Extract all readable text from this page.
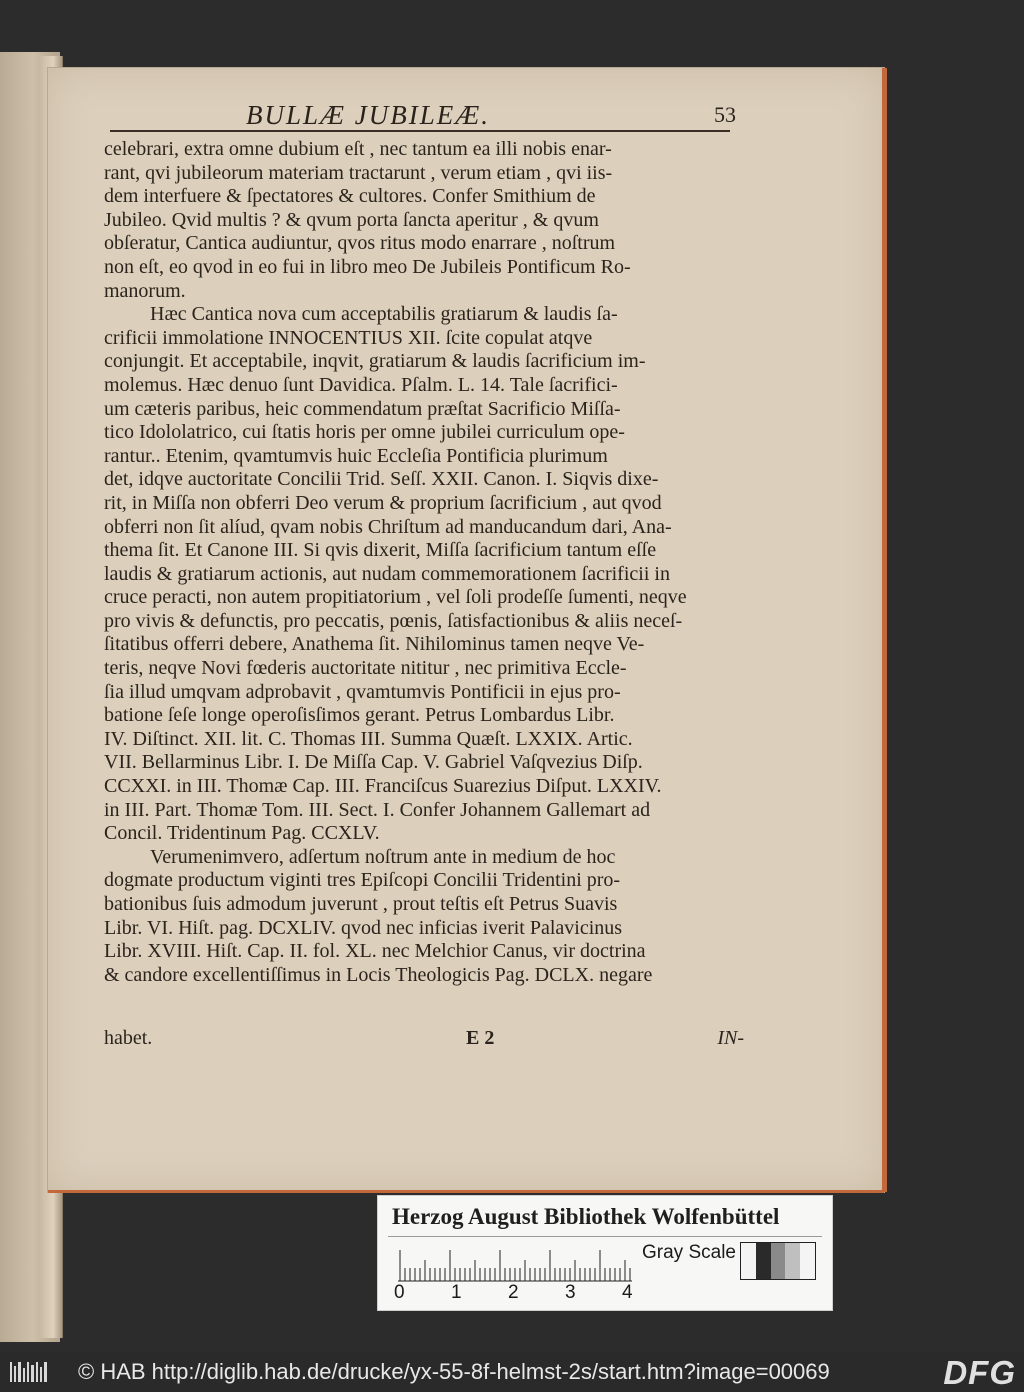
BULLÆ JUBILEÆ.	53
celebrari, extra omne dubium eſt , nec tantum ea illi nobis enar-
rant, qvi jubileorum materiam tractarunt , verum etiam , qvi iis-
dem interfuere & ſpectatores & cultores. Confer Smithium de
Jubileo. Qvid multis ? & qvum porta ſancta aperitur , & qvum
obſeratur, Cantica audiuntur, qvos ritus modo enarrare , noſtrum
non eſt, eo qvod in eo fui in libro meo De Jubileis Pontificum Ro-
manorum.
Hæc Cantica nova cum acceptabilis gratiarum & laudis ſa-
crificii immolatione INNOCENTIUS XII. ſcite copulat atqve
conjungit. Et acceptabile, inqvit, gratiarum & laudis ſacrificium im-
molemus. Hæc denuo ſunt Davidica. Pſalm. L. 14. Tale ſacrifici-
um cæteris paribus, heic commendatum præſtat Sacrificio Miſſa-
tico Idololatrico, cui ſtatis horis per omne jubilei curriculum ope-
rantur.. Etenim, qvamtumvis huic Eccleſia Pontificia plurimum
det, idqve auctoritate Concilii Trid. Seſſ. XXII. Canon. I. Siqvis dixe-
rit, in Miſſa non obferri Deo verum & proprium ſacrificium , aut qvod
obferri non ſit alíud, qvam nobis Chriſtum ad manducandum dari, Ana-
thema ſit. Et Canone III. Si qvis dixerit, Miſſa ſacrificium tantum eſſe
laudis & gratiarum actionis, aut nudam commemorationem ſacrificii in
cruce peracti, non autem propitiatorium , vel ſoli prodeſſe ſumenti, neqve
pro vivis & defunctis, pro peccatis, pœnis, ſatisfactionibus & aliis neceſ-
ſitatibus offerri debere, Anathema ſit. Nihilominus tamen neqve Ve-
teris, neqve Novi fœderis auctoritate nititur , nec primitiva Eccle-
ſia illud umqvam adprobavit , qvamtumvis Pontificii in ejus pro-
batione ſeſe longe operoſisſimos gerant. Petrus Lombardus Libr.
IV. Diſtinct. XII. lit. C. Thomas III. Summa Quæſt. LXXIX. Artic.
VII. Bellarminus Libr. I. De Miſſa Cap. V. Gabriel Vaſqvezius Diſp.
CCXXI. in III. Thomæ Cap. III. Franciſcus Suarezius Diſput. LXXIV.
in III. Part. Thomæ Tom. III. Sect. I. Confer Johannem Gallemart ad
Concil. Tridentinum Pag. CCXLV.
Verumenimvero, adſertum noſtrum ante in medium de hoc
dogmate productum viginti tres Epiſcopi Concilii Tridentini pro-
bationibus ſuis admodum juverunt , prout teſtis eſt Petrus Suavis
Libr. VI. Hiſt. pag. DCXLIV. qvod nec inficias iverit Palavicinus
Libr. XVIII. Hiſt. Cap. II. fol. XL. nec Melchior Canus, vir doctrina
& candore excellentiſſimus in Locis Theologicis Pag. DCLX. negare
habet.	E 2	IN-
Herzog August Bibliothek Wolfenbüttel
0 1 2 3 4
Gray Scale
© HAB http://diglib.hab.de/drucke/yx-55-8f-helmst-2s/start.htm?image=00069	DFG
